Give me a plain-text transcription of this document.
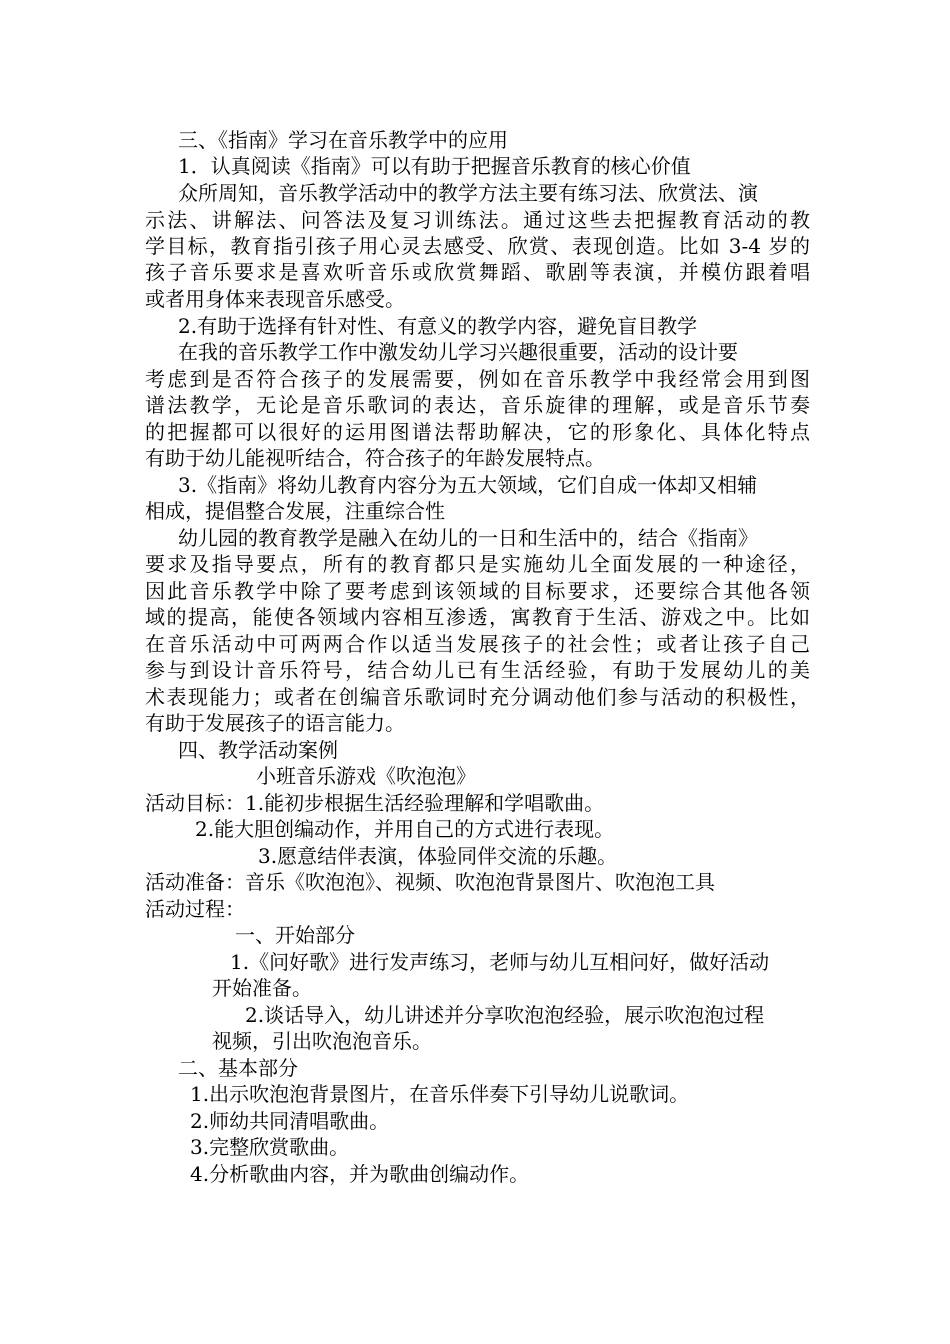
三、《指南》学习在音乐教学中的应用
1．认真阅读《指南》可以有助于把握音乐教育的核心价值
众所周知，音乐教学活动中的教学方法主要有练习法、欣赏法、演
示法、讲解法、问答法及复习训练法。通过这些去把握教育活动的教
学目标，教育指引孩子用心灵去感受、欣赏、表现创造。比如 3-4 岁的
孩子音乐要求是喜欢听音乐或欣赏舞蹈、歌剧等表演，并模仿跟着唱
或者用身体来表现音乐感受。
2.有助于选择有针对性、有意义的教学内容，避免盲目教学
在我的音乐教学工作中激发幼儿学习兴趣很重要，活动的设计要
考虑到是否符合孩子的发展需要，例如在音乐教学中我经常会用到图
谱法教学，无论是音乐歌词的表达，音乐旋律的理解，或是音乐节奏
的把握都可以很好的运用图谱法帮助解决，它的形象化、具体化特点
有助于幼儿能视听结合，符合孩子的年龄发展特点。
3.《指南》将幼儿教育内容分为五大领域，它们自成一体却又相辅
相成，提倡整合发展，注重综合性
幼儿园的教育教学是融入在幼儿的一日和生活中的，结合《指南》
要求及指导要点，所有的教育都只是实施幼儿全面发展的一种途径，
因此音乐教学中除了要考虑到该领域的目标要求，还要综合其他各领
域的提高，能使各领域内容相互渗透，寓教育于生活、游戏之中。比如
在音乐活动中可两两合作以适当发展孩子的社会性；或者让孩子自己
参与到设计音乐符号，结合幼儿已有生活经验，有助于发展幼儿的美
术表现能力；或者在创编音乐歌词时充分调动他们参与活动的积极性，
有助于发展孩子的语言能力。
四、教学活动案例
小班音乐游戏《吹泡泡》
活动目标：1.能初步根据生活经验理解和学唱歌曲。
2.能大胆创编动作，并用自己的方式进行表现。
3.愿意结伴表演，体验同伴交流的乐趣。
活动准备：音乐《吹泡泡》、视频、吹泡泡背景图片、吹泡泡工具
活动过程：
一、开始部分
1.《问好歌》进行发声练习，老师与幼儿互相问好，做好活动
开始准备。
2.谈话导入，幼儿讲述并分享吹泡泡经验，展示吹泡泡过程
视频，引出吹泡泡音乐。
二、基本部分
1.出示吹泡泡背景图片，在音乐伴奏下引导幼儿说歌词。
2.师幼共同清唱歌曲。
3.完整欣赏歌曲。
4.分析歌曲内容，并为歌曲创编动作。
